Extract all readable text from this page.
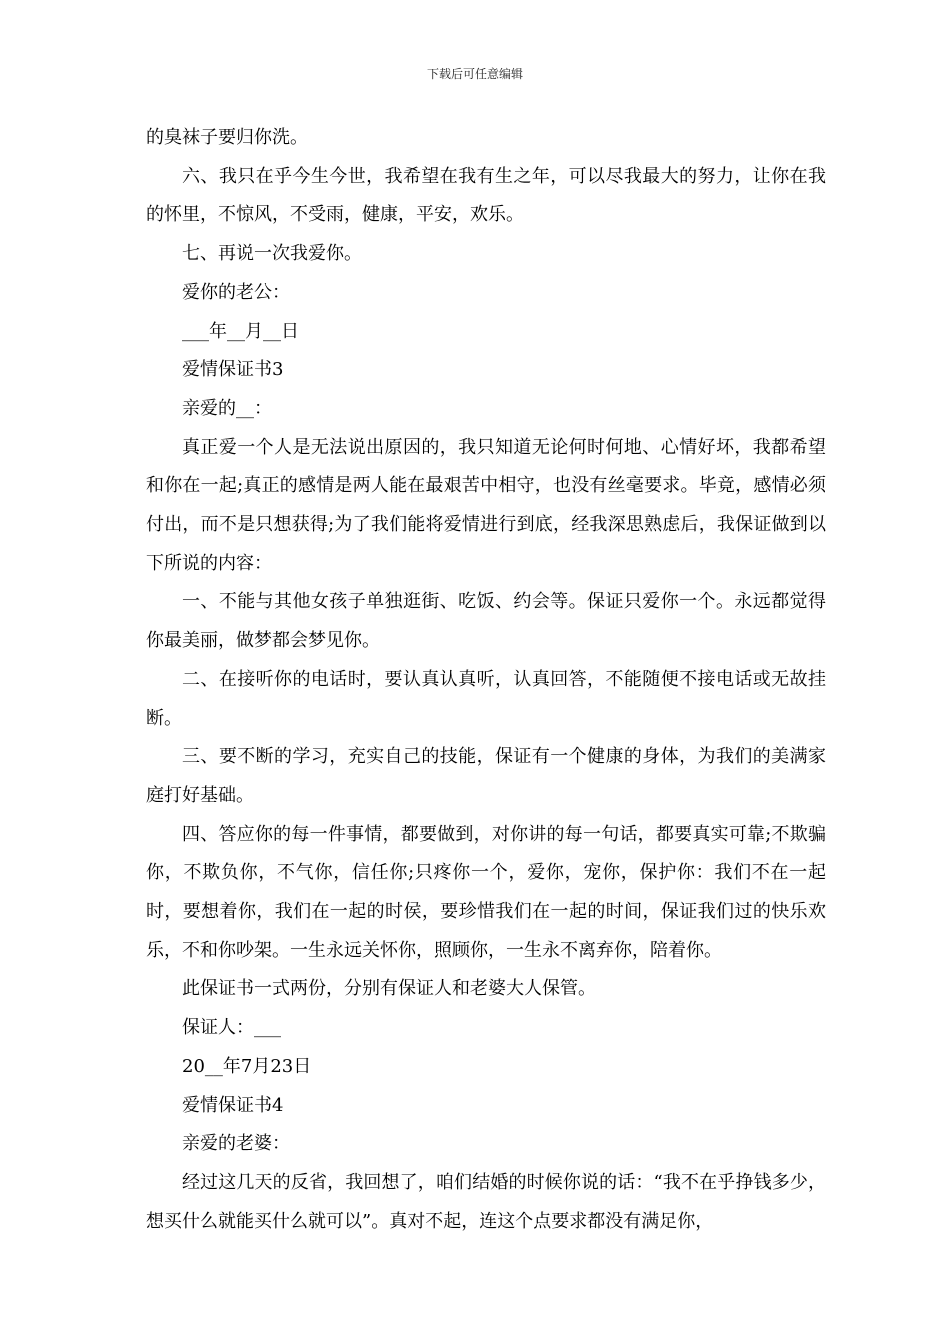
下载后可任意编辑

的臭袜子要归你洗。

六、我只在乎今生今世，我希望在我有生之年，可以尽我最大的努力，让你在我的怀里，不惊风，不受雨，健康，平安，欢乐。

七、再说一次我爱你。

爱你的老公：

___年__月__日

爱情保证书3

亲爱的__：

真正爱一个人是无法说出原因的，我只知道无论何时何地、心情好坏，我都希望和你在一起;真正的感情是两人能在最艰苦中相守，也没有丝毫要求。毕竟，感情必须付出，而不是只想获得;为了我们能将爱情进行到底，经我深思熟虑后，我保证做到以下所说的内容：

一、不能与其他女孩子单独逛街、吃饭、约会等。保证只爱你一个。永远都觉得你最美丽，做梦都会梦见你。

二、在接听你的电话时，要认真认真听，认真回答，不能随便不接电话或无故挂断。

三、要不断的学习，充实自己的技能，保证有一个健康的身体，为我们的美满家庭打好基础。

四、答应你的每一件事情，都要做到，对你讲的每一句话，都要真实可靠;不欺骗你，不欺负你，不气你，信任你;只疼你一个，爱你，宠你，保护你：我们不在一起时，要想着你，我们在一起的时侯，要珍惜我们在一起的时间，保证我们过的快乐欢乐，不和你吵架。一生永远关怀你，照顾你，一生永不离弃你，陪着你。

此保证书一式两份，分别有保证人和老婆大人保管。

保证人：___

20__年7月23日

爱情保证书4

亲爱的老婆：

经过这几天的反省，我回想了，咱们结婚的时候你说的话：“我不在乎挣钱多少，想买什么就能买什么就可以”。真对不起，连这个点要求都没有满足你，
